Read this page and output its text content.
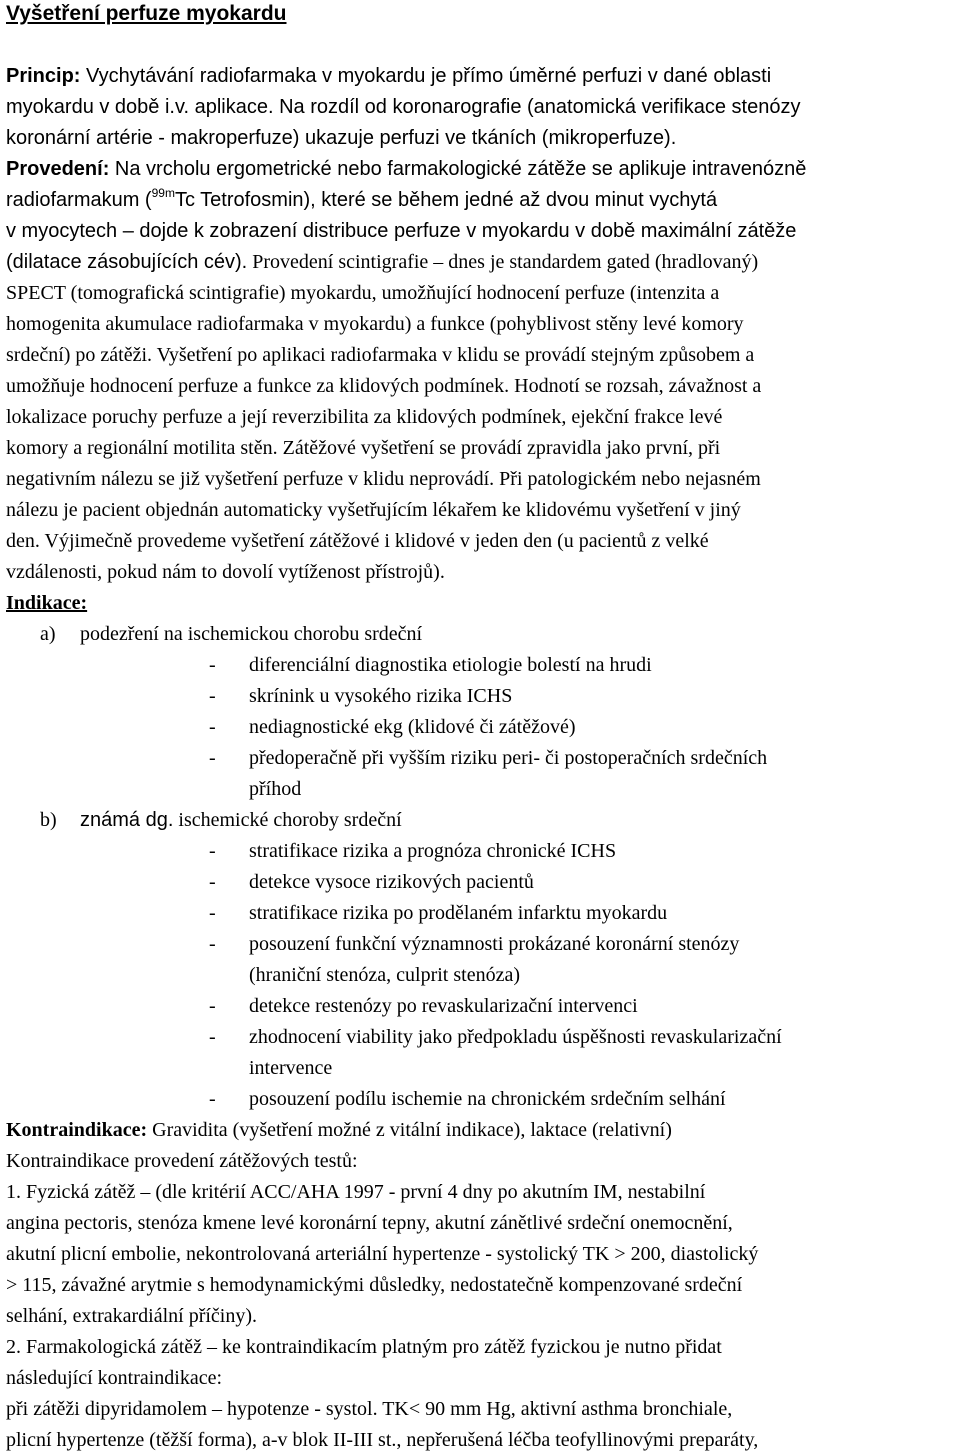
Vyšetření perfuze myokardu
Princip: Vychytávání radiofarmaka v myokardu je přímo úměrné perfuzi v dané oblasti
myokardu v době i.v. aplikace. Na rozdíl od koronarografie (anatomická verifikace stenózy
koronární artérie - makroperfuze) ukazuje perfuzi ve tkáních (mikroperfuze).
Provedení: Na vrcholu ergometrické nebo farmakologické zátěže se aplikuje intravenózně
radiofarmakum ($^{99m}$Tc Tetrofosmin), které se během jedné až dvou minut vychytá
v myocytech – dojde k zobrazení distribuce perfuze v myokardu v době maximální zátěže
(dilatace zásobujících cév). Provedení scintigrafie – dnes je standardem gated (hradlovaný)
SPECT (tomografická scintigrafie) myokardu, umožňující hodnocení perfuze (intenzita a
homogenita akumulace radiofarmaka v myokardu) a funkce (pohyblivost stěny levé komory
srdeční) po zátěži. Vyšetření po aplikaci radiofarmaka v klidu se provádí stejným způsobem a
umožňuje hodnocení perfuze a funkce za klidových podmínek. Hodnotí se rozsah, závažnost a
lokalizace poruchy perfuze a její reverzibilita za klidových podmínek, ejekční frakce levé
komory a regionální motilita stěn. Zátěžové vyšetření se provádí zpravidla jako první, při
negativním nálezu se již vyšetření perfuze v klidu neprovádí. Při patologickém nebo nejasném
nálezu je pacient objednán automaticky vyšetřujícím lékařem ke klidovému vyšetření v jiný
den. Výjimečně provedeme vyšetření zátěžové i klidové v jeden den (u pacientů z velké
vzdálenosti, pokud nám to dovolí vytíženost přístrojů).
Indikace:
a) podezření na ischemickou chorobu srdeční
- diferenciální diagnostika etiologie bolestí na hrudi
- skrínink u vysokého rizika ICHS
- nediagnostické ekg (klidové či zátěžové)
- předoperačně při vyšším riziku peri- či postoperačních srdečních
příhod
b) známá dg. ischemické choroby srdeční
- stratifikace rizika a prognóza chronické ICHS
- detekce vysoce rizikových pacientů
- stratifikace rizika po prodělaném infarktu myokardu
- posouzení funkční významnosti prokázané koronární stenózy
(hraniční stenóza, culprit stenóza)
- detekce restenózy po revaskularizační intervenci
- zhodnocení viability jako předpokladu úspěšnosti revaskularizační
intervence
- posouzení podílu ischemie na chronickém srdečním selhání
Kontraindikace: Gravidita (vyšetření možné z vitální indikace), laktace (relativní)
Kontraindikace provedení zátěžových testů:
1. Fyzická zátěž – (dle kritérií ACC/AHA 1997 - první 4 dny po akutním IM, nestabilní
angina pectoris, stenóza kmene levé koronární tepny, akutní zánětlivé srdeční onemocnění,
akutní plicní embolie, nekontrolovaná arteriální hypertenze - systolický TK > 200, diastolický
> 115, závažné arytmie s hemodynamickými důsledky, nedostatečně kompenzované srdeční
selhání, extrakardiální příčiny).
2. Farmakologická zátěž – ke kontraindikacím platným pro zátěž fyzickou je nutno přidat
následující kontraindikace:
při zátěži dipyridamolem – hypotenze - systol. TK< 90 mm Hg, aktivní asthma bronchiale,
plicní hypertenze (těžší forma), a-v blok II-III st., nepřerušená léčba teofyllinovými preparáty,
